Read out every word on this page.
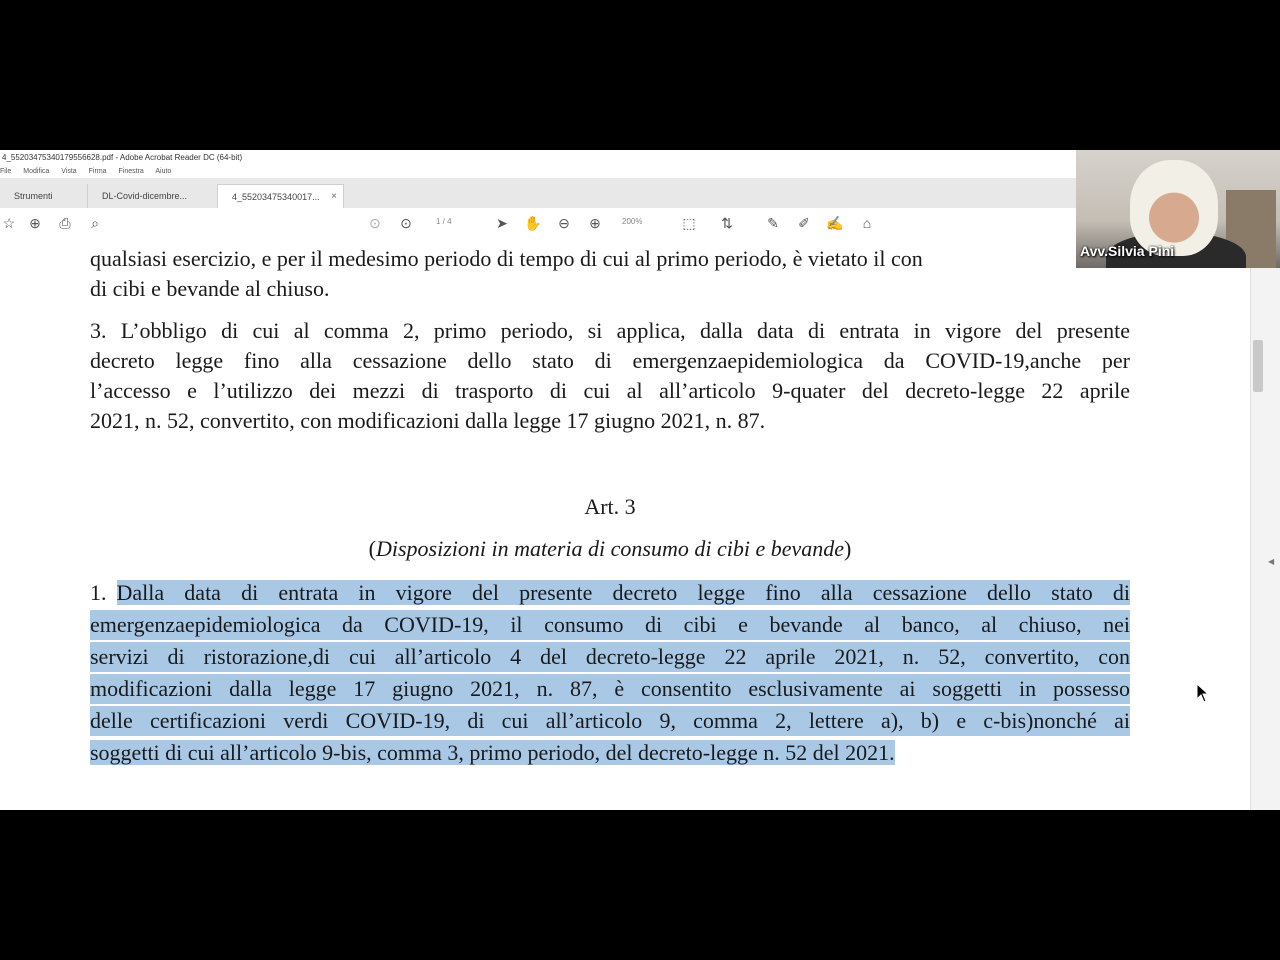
4_55203475340179556628.pdf - Adobe Acrobat Reader DC (64-bit)
File Modifica Vista Firma Finestra Aiuto
Strumenti	DL-Covid-dicembre...	4_55203475340017... ×
☆ ⊕ ⎙	⌕	⊙ ⊙	1 / 4	➤ ✋ ⊖ ⊕	200%	⬚ ⇅ ✎ ✐ ✍	⌂
qualsiasi esercizio, e per il medesimo periodo di tempo di cui al primo periodo, è vietato il con
di cibi e bevande al chiuso.
3. L’obbligo di cui al comma 2, primo periodo, si applica, dalla data di entrata in vigore del presente
decreto legge fino alla cessazione dello stato di emergenzaepidemiologica da COVID-19,anche per
l’accesso e l’utilizzo dei mezzi di trasporto di cui al all’articolo 9-quater del decreto-legge 22 aprile
2021, n. 52, convertito, con modificazioni dalla legge 17 giugno 2021, n. 87.
Art. 3
(Disposizioni in materia di consumo di cibi e bevande)
1. Dalla data di entrata in vigore del presente decreto legge fino alla cessazione dello stato di
emergenzaepidemiologica da COVID-19, il consumo di cibi e bevande al banco, al chiuso, nei
servizi di ristorazione,di cui all’articolo 4 del decreto-legge 22 aprile 2021, n. 52, convertito, con
modificazioni dalla legge 17 giugno 2021, n. 87, è consentito esclusivamente ai soggetti in possesso
delle certificazioni verdi COVID-19, di cui all’articolo 9, comma 2, lettere a), b) e c-bis)nonché ai
soggetti di cui all’articolo 9-bis, comma 3, primo periodo, del decreto-legge n. 52 del 2021.
◀
Avv.Silvia Pini
